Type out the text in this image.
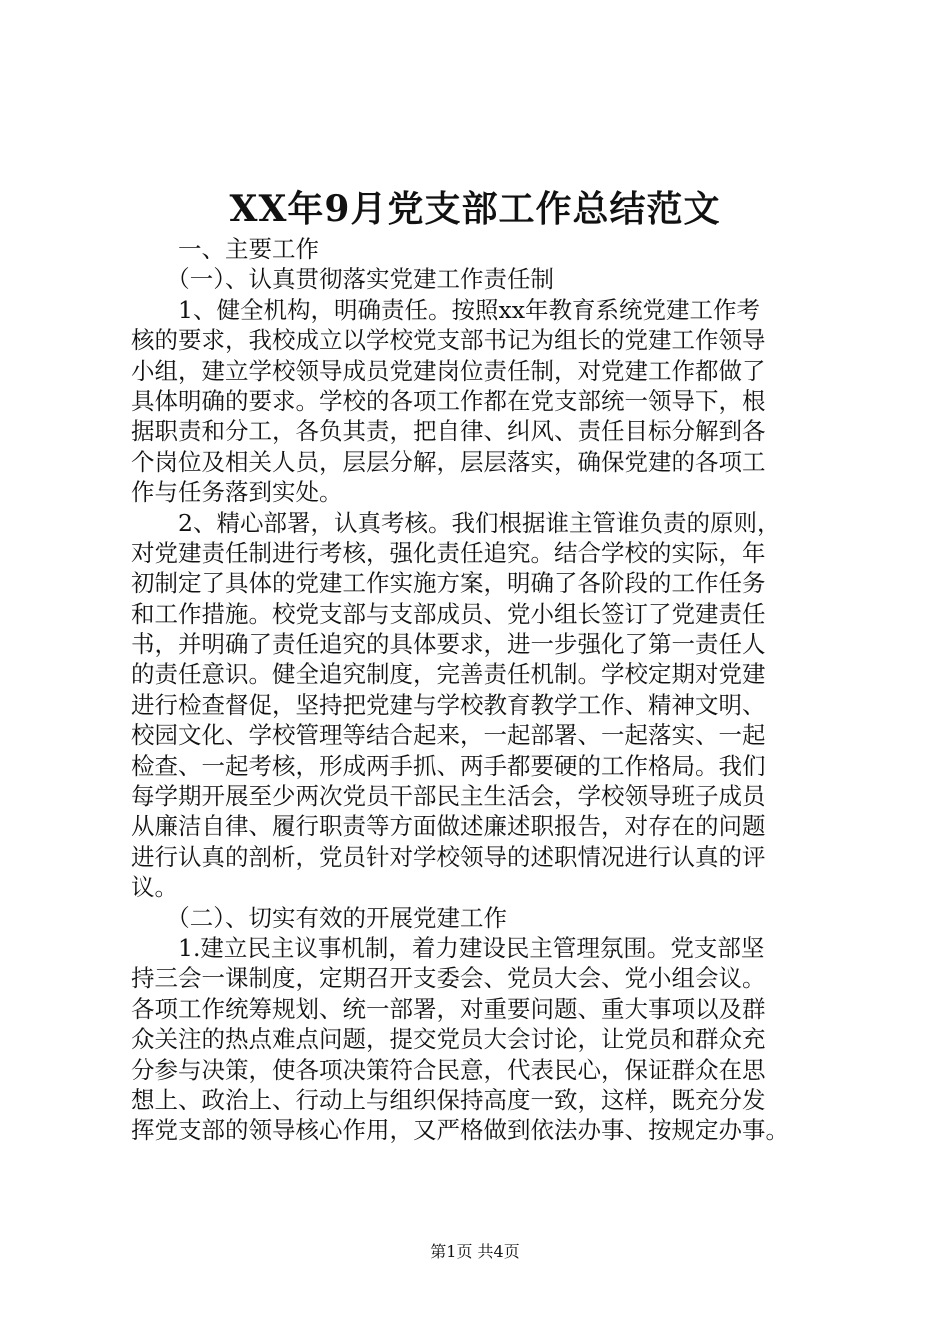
XX年9月党支部工作总结范文
　　一、主要工作
　　（一）、认真贯彻落实党建工作责任制
　　1、健全机构，明确责任。按照xx年教育系统党建工作考
核的要求，我校成立以学校党支部书记为组长的党建工作领导
小组，建立学校领导成员党建岗位责任制，对党建工作都做了
具体明确的要求。学校的各项工作都在党支部统一领导下，根
据职责和分工，各负其责，把自律、纠风、责任目标分解到各
个岗位及相关人员，层层分解，层层落实，确保党建的各项工
作与任务落到实处。
　　2、精心部署，认真考核。我们根据谁主管谁负责的原则，
对党建责任制进行考核，强化责任追究。结合学校的实际，年
初制定了具体的党建工作实施方案，明确了各阶段的工作任务
和工作措施。校党支部与支部成员、党小组长签订了党建责任
书，并明确了责任追究的具体要求，进一步强化了第一责任人
的责任意识。健全追究制度，完善责任机制。学校定期对党建
进行检查督促，坚持把党建与学校教育教学工作、精神文明、
校园文化、学校管理等结合起来，一起部署、一起落实、一起
检查、一起考核，形成两手抓、两手都要硬的工作格局。我们
每学期开展至少两次党员干部民主生活会，学校领导班子成员
从廉洁自律、履行职责等方面做述廉述职报告，对存在的问题
进行认真的剖析，党员针对学校领导的述职情况进行认真的评
议。
　　（二）、切实有效的开展党建工作
　　1.建立民主议事机制，着力建设民主管理氛围。党支部坚
持三会一课制度，定期召开支委会、党员大会、党小组会议。
各项工作统筹规划、统一部署，对重要问题、重大事项以及群
众关注的热点难点问题，提交党员大会讨论，让党员和群众充
分参与决策，使各项决策符合民意，代表民心，保证群众在思
想上、政治上、行动上与组织保持高度一致，这样，既充分发
挥党支部的领导核心作用，又严格做到依法办事、按规定办事。
第1页 共4页
